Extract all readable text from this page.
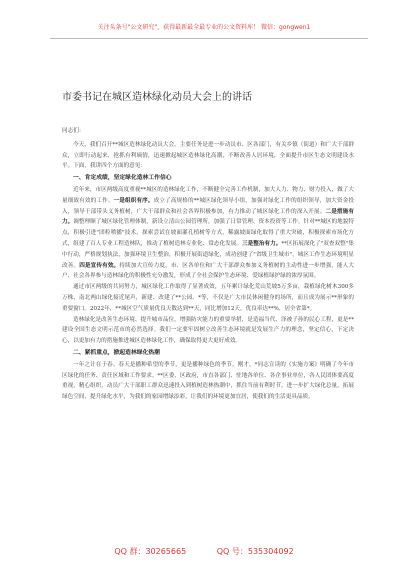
关注头条号"公文研究"，获得最新最全最专业的公文资料库！ 微信：gongwen1
市委书记在城区造林绿化动员大会上的讲话

同志们：

今天，我们召开**城区造林绿化动员大会，主要任务是进一步动员市、区各部门，有关乡镇（街道）和广大干部群众，立即行动起来，抢抓有利墒情，迅速掀起城区造林绿化高潮，不断改善人居环境，全面提升市区生态文明建设水平。下面，我讲四个方面的意见：

一、肯定成绩，坚定绿化造林工作信心

近年来，市区两级高度重视**城区的造林绿化工作，不断健全完善工作机制，加大人力、物力、财力投入，做了大量细致有效的工作。一是组织有序。成立了高规格的**城区绿化领导小组，加强对绿化工作的组织领导，加大资金投入，领导干部带头义务植树，广大干部群众和社会各界积极参加，有力推动了城区绿化工作的深入开展。二是措施有力。调整理顺了城区绿化管理体制，新设立清山公园管理所，加强了日常管理、资本投资等工作。针对**城区的地貌特点，积极引进"团粒喷播"技术，探索尝试在坡面灌孔植树等方式，稀露坡面绿化取得了重大突破，积极探索市场化方式，组建了百人专业工程造林队，推动了植树造林专业化、常态化发展。三是整治有力。**区拓展深化了"双查双整"集中行动，严格规划执法，加强环境卫生整治，积极开展街道绿化，成功创建了"省级卫生城市"，城区工作生态环境明显改善。四是宣传有效。持续加大宣传力度，市、区各单位和广大干部群众参加义务植树的主动性进一步增强，能人大户、社会各界参与造林绿化的积极性充分激发，形成了全社会保护生态环境、爱绿植绿护绿的浓厚氛围。

通过市区两级的共同努力，城区绿化工作取得了显著成效，五年累计绿化荒山荒坡5万多亩，栽植绿化树木300多万株，南北两山绿化接近尾声，新建、改建了**公园、*等，不仅是广大市民休闲健身的场所，而且成为展示**形象的重要窗口。2022年，**城区空气质量优良天数达到**天，同比增加12天，优良率达**%，居全省第*。

造林绿化是改善生态环境、提升城市品位，增强防灾能力的重要举措，是造福当代、泽被子孙的民心工程，更是**建设全国生态文明示范市的必然选择。我们一定要牢固树立改善生态环境就是发展生产力的理念，坚定信心，下定决心，以更加有力的措施推进城区造林绿化工作，确保取得更大更好成效。

二、紧抓重点，掀起造林绿化热潮

一年之计在于春。春天是播种希望的季节，更是播种绿色的季节。刚才，*同志宣读的《实施方案》明确了今年市区绿化的任务、责任区域和工作要求。**区委、区政府，市直各部门、驻地各单位、各企事业单位，各人民团体要高度重视，精心组织，动员广大干部职工群众迅速投入到植树造林热潮中，抓住当前有利时节，进一步扩大绿化总量，拓展绿色空间，提升绿化水平，为我们的家园增绿添彩，让我们的环境更加宜居，使我们的生活更具品质。

QQ 群：30265665	QQ 号：535304092
